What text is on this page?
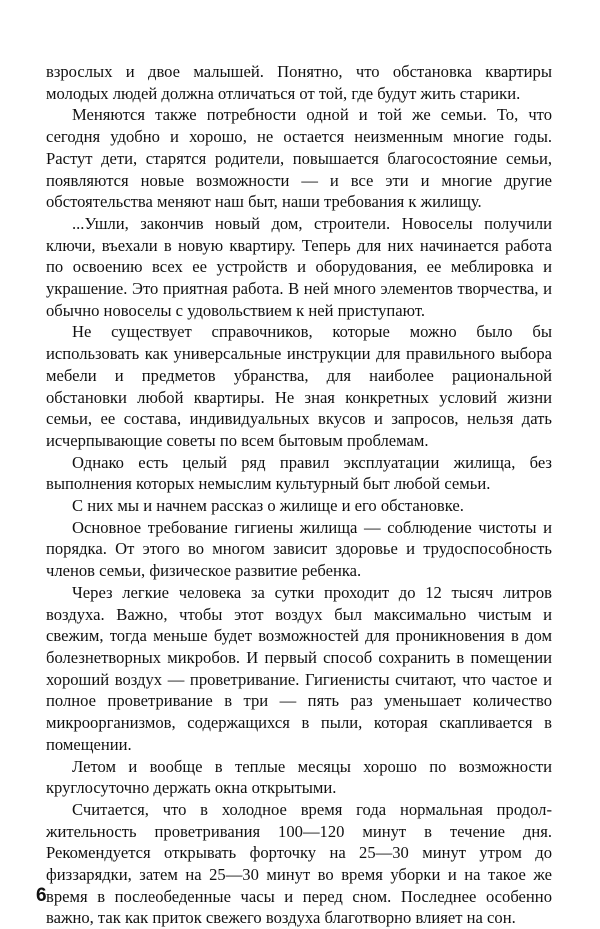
взрослых и двое малышей. Понятно, что обстановка квартиры молодых людей должна отличаться от той, где будут жить старики.

Меняются также потребности одной и той же семьи. То, что сегодня удобно и хорошо, не остается неизменным многие годы. Растут дети, старятся родители, повышается благосостояние семьи, появляются новые возможности — и все эти и многие другие обстоятельства меняют наш быт, наши требования к жилищу.

...Ушли, закончив новый дом, строители. Новоселы получили ключи, въехали в новую квартиру. Теперь для них начинается работа по освоению всех ее устройств и оборудования, ее меблировка и украшение. Это приятная работа. В ней много элементов творчества, и обычно новоселы с удовольствием к ней приступают.

Не существует справочников, которые можно было бы использовать как универсальные инструкции для правильного выбора мебели и предметов убранства, для наиболее рациональной обстановки любой квартиры. Не зная конкретных условий жизни семьи, ее состава, индивидуальных вкусов и запросов, нельзя дать исчерпывающие советы по всем бытовым проблемам.

Однако есть целый ряд правил эксплуатации жилища, без выполнения которых немыслим культурный быт любой семьи.

С них мы и начнем рассказ о жилище и его обстановке.

Основное требование гигиены жилища — соблюдение чистоты и порядка. От этого во многом зависит здоровье и трудоспособность членов семьи, физическое развитие ребенка.

Через легкие человека за сутки проходит до 12 тысяч литров воздуха. Важно, чтобы этот воздух был максимально чистым и свежим, тогда меньше будет возможностей для проникновения в дом болезнетворных микробов. И первый способ сохранить в помещении хороший воздух — проветривание. Гигиенисты считают, что частое и полное проветривание в три — пять раз уменьшает количество микроорганизмов, содержащихся в пыли, которая скапливается в помещении.

Летом и вообще в теплые месяцы хорошо по возможности круглосуточно держать окна открытыми.

Считается, что в холодное время года нормальная продолжительность проветривания 100—120 минут в течение дня. Рекомендуется открывать форточку на 25—30 минут утром до физзарядки, затем на 25—30 минут во время уборки и на такое же время в послеобеденные часы и перед сном. Последнее особенно важно, так как приток свежего воздуха благотворно влияет на сон.

6
